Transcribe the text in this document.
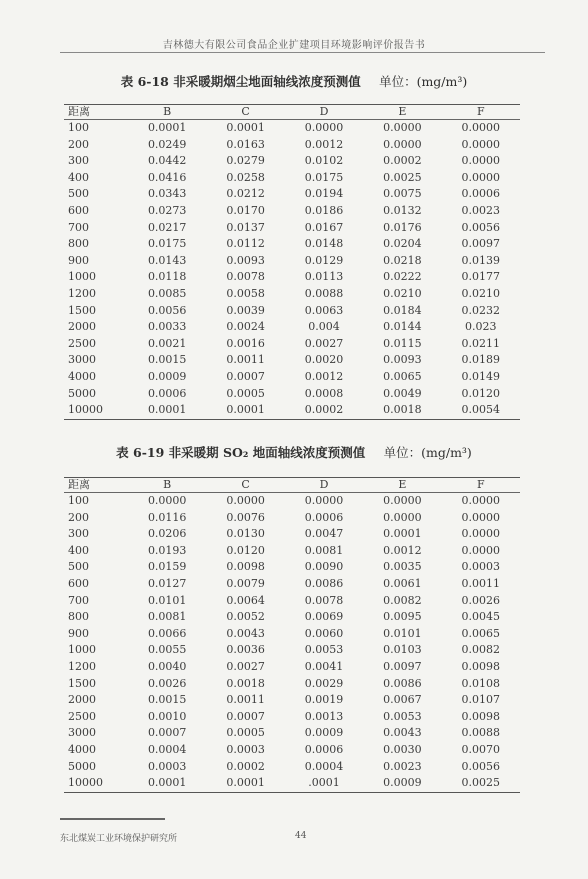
吉林德大有限公司食品企业扩建项目环境影响评价报告书
表 6-18 非采暖期烟尘地面轴线浓度预测值 单位：(mg/m³)
距离	B	C	D	E	F
100	0.0001	0.0001	0.0000	0.0000	0.0000
200	0.0249	0.0163	0.0012	0.0000	0.0000
300	0.0442	0.0279	0.0102	0.0002	0.0000
400	0.0416	0.0258	0.0175	0.0025	0.0000
500	0.0343	0.0212	0.0194	0.0075	0.0006
600	0.0273	0.0170	0.0186	0.0132	0.0023
700	0.0217	0.0137	0.0167	0.0176	0.0056
800	0.0175	0.0112	0.0148	0.0204	0.0097
900	0.0143	0.0093	0.0129	0.0218	0.0139
1000	0.0118	0.0078	0.0113	0.0222	0.0177
1200	0.0085	0.0058	0.0088	0.0210	0.0210
1500	0.0056	0.0039	0.0063	0.0184	0.0232
2000	0.0033	0.0024	0.004	0.0144	0.023
2500	0.0021	0.0016	0.0027	0.0115	0.0211
3000	0.0015	0.0011	0.0020	0.0093	0.0189
4000	0.0009	0.0007	0.0012	0.0065	0.0149
5000	0.0006	0.0005	0.0008	0.0049	0.0120
10000	0.0001	0.0001	0.0002	0.0018	0.0054
表 6-19 非采暖期 SO₂ 地面轴线浓度预测值 单位：(mg/m³)
距离	B	C	D	E	F
100	0.0000	0.0000	0.0000	0.0000	0.0000
200	0.0116	0.0076	0.0006	0.0000	0.0000
300	0.0206	0.0130	0.0047	0.0001	0.0000
400	0.0193	0.0120	0.0081	0.0012	0.0000
500	0.0159	0.0098	0.0090	0.0035	0.0003
600	0.0127	0.0079	0.0086	0.0061	0.0011
700	0.0101	0.0064	0.0078	0.0082	0.0026
800	0.0081	0.0052	0.0069	0.0095	0.0045
900	0.0066	0.0043	0.0060	0.0101	0.0065
1000	0.0055	0.0036	0.0053	0.0103	0.0082
1200	0.0040	0.0027	0.0041	0.0097	0.0098
1500	0.0026	0.0018	0.0029	0.0086	0.0108
2000	0.0015	0.0011	0.0019	0.0067	0.0107
2500	0.0010	0.0007	0.0013	0.0053	0.0098
3000	0.0007	0.0005	0.0009	0.0043	0.0088
4000	0.0004	0.0003	0.0006	0.0030	0.0070
5000	0.0003	0.0002	0.0004	0.0023	0.0056
10000	0.0001	0.0001	.0001	0.0009	0.0025
东北煤炭工业环境保护研究所	44
